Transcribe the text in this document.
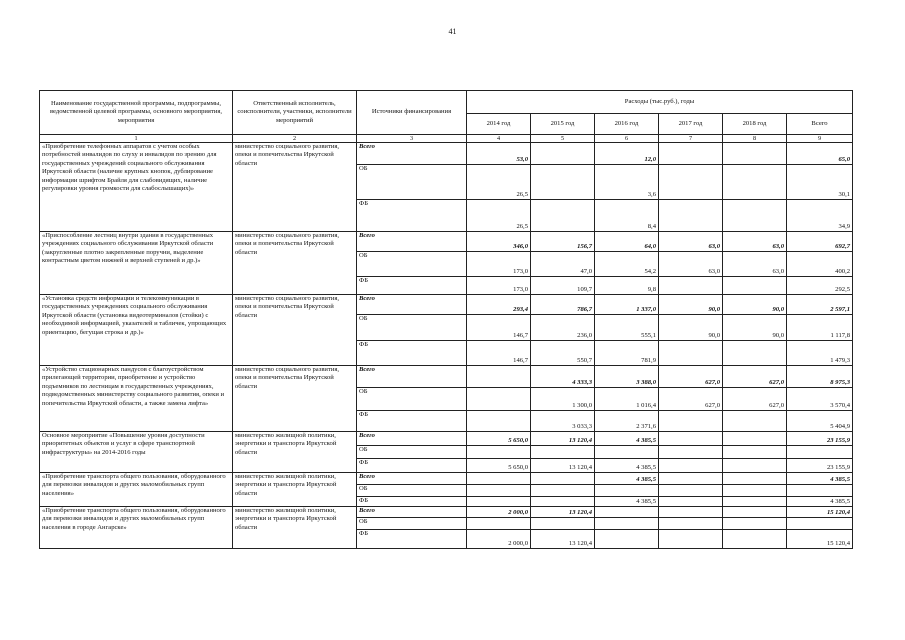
41
Наименование государственной программы, подпрограммы, ведомственной целевой программы, основного мероприятия, мероприятия	Ответственный исполнитель, соисполнители, участники, исполнители мероприятий	Источники финансирования	Расходы (тыс.руб.), годы					
			2014 год	2015 год	2016 год	2017 год	2018 год	Всего
1	2	3	4	5	6	7	8	9
«Приобретение телефонных аппаратов с учетом особых потребностей инвалидов по слуху и инвалидов по зрению для государственных учреждений социального обслуживания Иркутской области (наличие крупных кнопок, дублирование информации шрифтом Брайля для слабовидящих, наличие регулировки уровня громкости для слабослышащих)»	министерство социального развития, опеки и попечительства Иркутской области	Всего	53,0		12,0			65,0
		ОБ	26,5		3,6			30,1
		ФБ	26,5		8,4			34,9
«Приспособление лестниц внутри здания в государственных учреждениях социального обслуживания Иркутской области (закругленные плотно закрепленные поручни, выделение контрастным цветом нижней и верхней ступеней и др.)»	министерство социального развития, опеки и попечительства Иркутской области	Всего	346,0	156,7	64,0	63,0	63,0	692,7
		ОБ	173,0	47,0	54,2	63,0	63,0	400,2
		ФБ	173,0	109,7	9,8			292,5
«Установка средств информации и телекоммуникации в государственных учреждениях социального обслуживания Иркутской области (установка видеотерминалов (стойки) с необходимой информацией, указателей и табличек, упрощающих ориентацию, бегущая строка и др.)»	министерство социального развития, опеки и попечительства Иркутской области	Всего	293,4	786,7	1 337,0	90,0	90,0	2 597,1
		ОБ	146,7	236,0	555,1	90,0	90,0	1 117,8
		ФБ	146,7	550,7	781,9			1 479,3
«Устройство стационарных пандусов с благоустройством прилегающей территории, приобретение и устройство подъемников по лестницам в государственных учреждениях, подведомственных министерству социального развития, опеки и попечительства Иркутской области, а также замена лифта»	министерство социального развития, опеки и попечительства Иркутской области	Всего		4 333,3	3 388,0	627,0	627,0	8 975,3
		ОБ		1 300,0	1 016,4	627,0	627,0	3 570,4
		ФБ		3 033,3	2 371,6			5 404,9
Основное мероприятие «Повышение уровня доступности приоритетных объектов и услуг в сфере транспортной инфраструктуры» на 2014-2016 годы	министерство жилищной политики, энергетики и транспорта Иркутской области	Всего	5 650,0	13 120,4	4 385,5			23 155,9
		ОБ						
		ФБ	5 650,0	13 120,4	4 385,5			23 155,9
«Приобретение транспорта общего пользования, оборудованного для перевозки инвалидов и других маломобильных групп населения»	министерство жилищной политики, энергетики и транспорта Иркутской области	Всего			4 385,5			4 385,5
		ОБ						
		ФБ			4 385,5			4 385,5
«Приобретение транспорта общего пользования, оборудованного для перевозки инвалидов и других маломобильных групп населения в городе Ангарске»	министерство жилищной политики, энергетики и транспорта Иркутской области	Всего	2 000,0	13 120,4				15 120,4
		ОБ						
		ФБ	2 000,0	13 120,4				15 120,4
